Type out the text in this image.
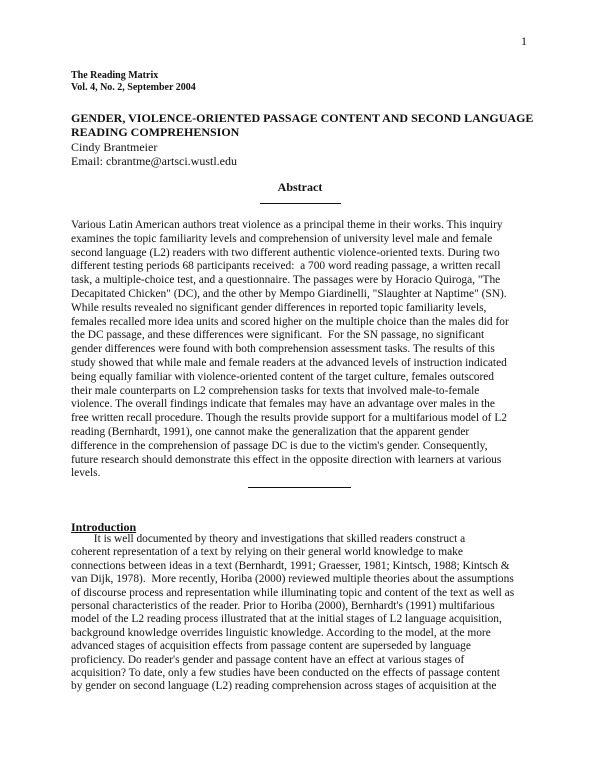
1
The Reading Matrix
Vol. 4, No. 2, September 2004
GENDER, VIOLENCE-ORIENTED PASSAGE CONTENT AND SECOND LANGUAGE READING COMPREHENSION
Cindy Brantmeier
Email: cbrantme@artsci.wustl.edu
Abstract

Various Latin American authors treat violence as a principal theme in their works. This inquiry

examines the topic familiarity levels and comprehension of university level male and female

second language (L2) readers with two different authentic violence-oriented texts. During two

different testing periods 68 participants received:  a 700 word reading passage, a written recall

task, a multiple-choice test, and a questionnaire. The passages were by Horacio Quiroga, "The

Decapitated Chicken" (DC), and the other by Mempo Giardinelli, "Slaughter at Naptime" (SN).

While results revealed no significant gender differences in reported topic familiarity levels,

females recalled more idea units and scored higher on the multiple choice than the males did for

the DC passage, and these differences were significant.  For the SN passage, no significant

gender differences were found with both comprehension assessment tasks. The results of this

study showed that while male and female readers at the advanced levels of instruction indicated

being equally familiar with violence-oriented content of the target culture, females outscored

their male counterparts on L2 comprehension tasks for texts that involved male-to-female

violence. The overall findings indicate that females may have an advantage over males in the

free written recall procedure. Though the results provide support for a multifarious model of L2

reading (Bernhardt, 1991), one cannot make the generalization that the apparent gender

difference in the comprehension of passage DC is due to the victim's gender. Consequently,

future research should demonstrate this effect in the opposite direction with learners at various

levels.

Introduction

It is well documented by theory and investigations that skilled readers construct a

coherent representation of a text by relying on their general world knowledge to make

connections between ideas in a text (Bernhardt, 1991; Graesser, 1981; Kintsch, 1988; Kintsch &

van Dijk, 1978).  More recently, Horiba (2000) reviewed multiple theories about the assumptions

of discourse process and representation while illuminating topic and content of the text as well as

personal characteristics of the reader. Prior to Horiba (2000), Bernhardt's (1991) multifarious

model of the L2 reading process illustrated that at the initial stages of L2 language acquisition,

background knowledge overrides linguistic knowledge. According to the model, at the more

advanced stages of acquisition effects from passage content are superseded by language

proficiency. Do reader's gender and passage content have an effect at various stages of

acquisition? To date, only a few studies have been conducted on the effects of passage content

by gender on second language (L2) reading comprehension across stages of acquisition at the
